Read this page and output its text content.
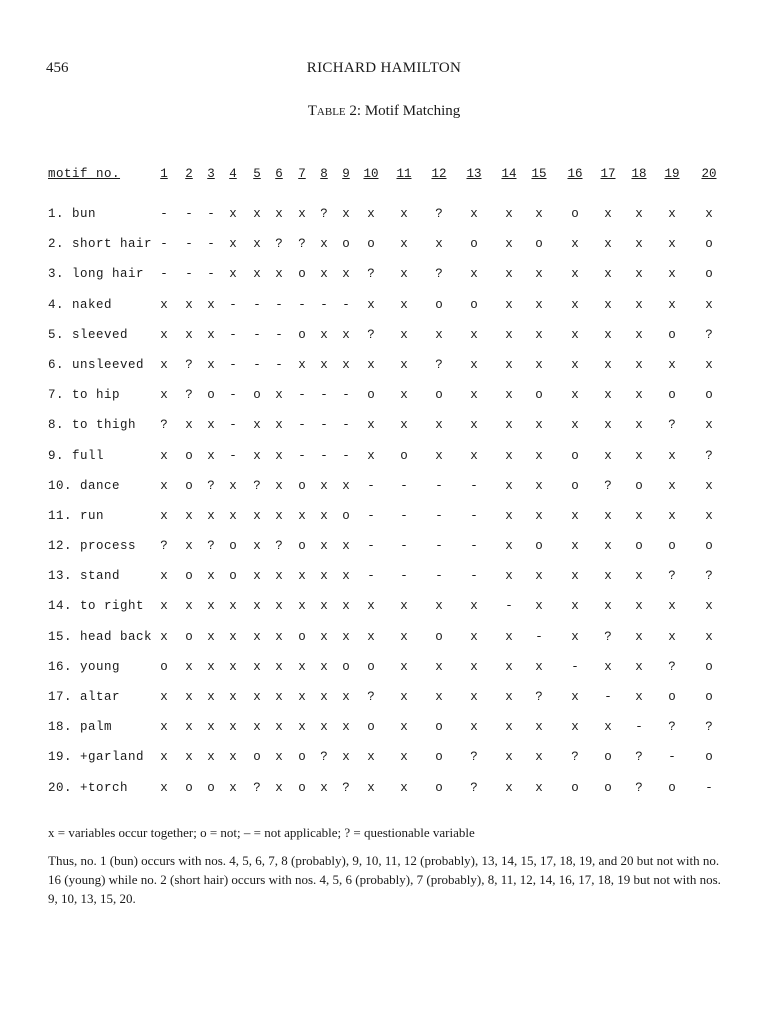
456	RICHARD HAMILTON
Table 2: Motif Matching
motif no.	1	2	3	4	5	6	7	8	9	10 11 12 13 14 15 16 17 18 19 20
1. bun	-	-	-	x	x	x	x	?	x	x	x	?	x	x	x	o	x	x	x	x
2. short hair -	-	-	x	x	?	?	x	o	o	x	x	o	x	o	x	x	x	x	o
3. long hair	-	-	-	x	x	x	o	x	x	?	x	?	x	x	x	x	x	x	x	o
4. naked	x	x	x	-	-	-	-	-	-	x	x	o	o	x	x	x	x	x	x	x
5. sleeved	x	x	x	-	-	-	o	x	x	?	x	x	x	x	x	x	x	x	o	?
6. unsleeved	x	?	x	-	-	-	x	x	x	x	x	?	x	x	x	x	x	x	x	x
7. to hip	x	?	o	-	o	x	-	-	-	o	x	o	x	x	o	x	x	x	o	o
8. to thigh	?	x	x	-	x	x	-	-	-	x	x	x	x	x	x	x	x	x	?	x
9. full	x	o	x	-	x	x	-	-	-	x	o	x	x	x	x	o	x	x	x	?
10. dance	x	o	?	x	?	x	o	x	x	-	-	-	-	x	x	o	?	o	x	x
11. run	x	x	x	x	x	x	x	x	o	-	-	-	-	x	x	x	x	x	x	x
12. process	?	x	?	o	x	?	o	x	x	-	-	-	-	x	o	x	x	o	o	o
13. stand	x	o	x	o	x	x	x	x	x	-	-	-	-	x	x	x	x	x	?	?
14. to right	x	x	x	x	x	x	x	x	x	x	x	x	x	-	x	x	x	x	x	x
15. head back x	o	x	x	x	x	o	x	x	x	x	o	x	x	-	x	?	x	x	x
16. young	o	x	x	x	x	x	x	x	o	o	x	x	x	x	x	-	x	x	?	o
17. altar	x	x	x	x	x	x	x	x	x	?	x	x	x	x	?	x	-	x	o	o
18. palm	x	x	x	x	x	x	x	x	x	o	x	o	x	x	x	x	x	-	?	?
19. +garland	x	x	x	x	o	x	o	?	x	x	x	o	?	x	x	?	o	?	-	o
20. +torch	x	o	o	x	?	x	o	x	?	x	x	o	?	x	x	o	o	?	o	-
x = variables occur together; o = not; – = not applicable; ? = questionable variable
Thus, no. 1 (bun) occurs with nos. 4, 5, 6, 7, 8 (probably), 9, 10, 11, 12 (probably), 13, 14, 15, 17, 18, 19, and 20 but not with no. 16 (young) while no. 2 (short hair) occurs with nos. 4, 5, 6 (probably), 7 (probably), 8, 11, 12, 14, 16, 17, 18, 19 but not with nos. 9, 10, 13, 15, 20.
